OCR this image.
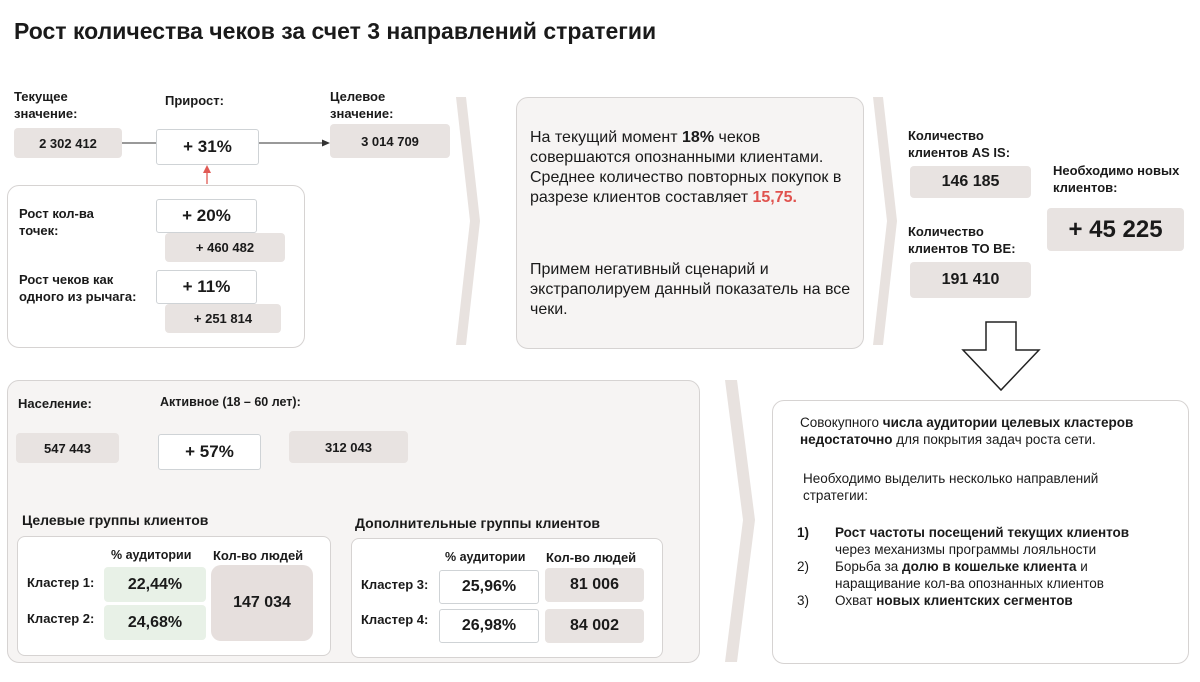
Рост количества чеков за счет 3 направлений стратегии
Текущее значение:
Прирост:	Целевое значение:
2 302 412	+ 31%	3 014 709
Рост кол-ва точек:
+ 20%
+ 460 482
Рост чеков как одного из рычага:
+ 11%
+ 251 814
На текущий момент 18% чеков совершаются опознанными клиентами. Среднее количество повторных покупок в разрезе клиентов составляет 15,75.
Примем негативный сценарий и экстраполируем данный показатель на все чеки.
Количество клиентов AS IS:
146 185
Количество клиентов TO BE:
191 410
Необходимо новых клиентов:
+ 45 225
Население:	Активное (18 – 60 лет):
547 443	+ 57%	312 043
Целевые группы клиентов
% аудитории Кол-во людей
Кластер 1:	22,44%
Кластер 2:	24,68%
147 034
Дополнительные группы клиентов
% аудитории Кол-во людей
Кластер 3:	25,96%	81 006
Кластер 4:	26,98%	84 002
Совокупного числа аудитории целевых кластеров недостаточно для покрытия задач роста сети.
Необходимо выделить несколько направлений стратегии:
1)	Рост частоты посещений текущих клиентов
через механизмы программы лояльности
2)	Борьба за долю в кошельке клиента и наращивание кол-ва опознанных клиентов
3)	Охват новых клиентских сегментов
